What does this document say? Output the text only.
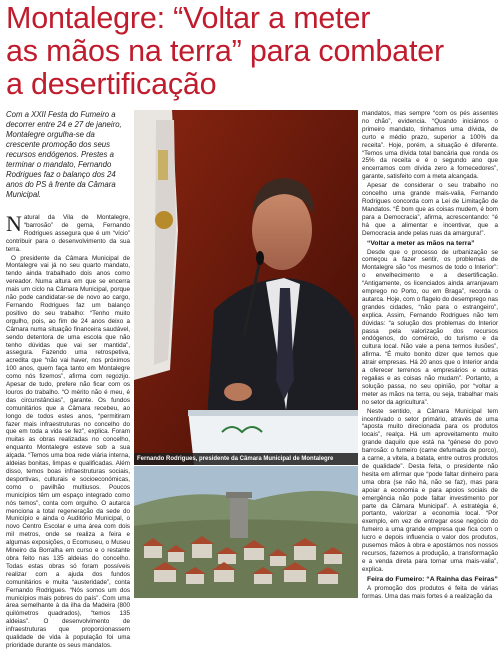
Montalegre: “Voltar a meter
as mãos na terra” para combater
a desertificação

Com a XXII Festa do Fumeiro a decorrer entre 24 e 27 de janeiro, Montalegre orgulha-se da crescente promoção dos seus recursos endógenos. Prestes a terminar o mandato, Fernando Rodrigues faz o balanço dos 24 anos do PS à frente da Câmara Municipal.

Natural da Vila de Montalegre, “barrosão” de gema, Fernando Rodrigues assegura que é um “vício” contribuir para o desenvolvimento da sua terra.

O presidente da Câmara Municipal de Montalegre vai já no seu quarto mandato, tendo ainda trabalhado dois anos como vereador. Numa altura em que se encerra mais um ciclo na Câmara Municipal, porque não pode candidatar-se de novo ao cargo, Fernando Rodrigues faz um balanço positivo do seu trabalho: “Tenho muito orgulho, pois, ao fim de 24 anos deixo a Câmara numa situação financeira saudável, sendo detentora de uma escola que não tenho dúvidas que vai ser mantida”, assegura. Fazendo uma retrospetiva, acredita que “não vai haver, nos próximos 100 anos, quem faça tanto em Montalegre como nós fizemos”, afirma com regozijo. Apesar de tudo, prefere não ficar com os louros do trabalho. “O mérito não é meu, é das circunstâncias”, garante. Os fundos comunitários que a Câmara recebeu, ao longo de todos estes anos, “permitiram fazer mais infraestruturas no concelho do que em toda a vida se fez”, explica. Foram muitas as obras realizadas no concelho, enquanto Montalegre esteve sob a sua alçada. “Temos uma boa rede viária interna, aldeias bonitas, limpas e qualificadas. Além disso, temos boas infraestruturas sociais, desportivas, culturais e socioeconómicas, como o pavilhão multiusos. Poucos municípios têm um espaço integrado como nós temos”, conta com orgulho. O autarca menciona a total regeneração da sede do Município e ainda o Auditório Municipal, o novo Centro Escolar e uma área com dois mil metros, onde se realiza a feira e algumas exposições, o Ecomuseu, o Museu Mineiro da Borralha em curso e o restante obra feito nas 135 aldeias do concelho. Todas estas obras só foram possíveis realizar com a ajuda dos fundos comunitários e muita “austeridade”, conta Fernando Rodrigues. “Nós somos um dos municípios mais pobres do país”. Com uma área semelhante à da ilha da Madeira (800 quilómetros quadrados), “temos 135 aldeias”. O desenvolvimento de infraestruturas que proporcionassem qualidade de vida à população foi uma prioridade durante os seus mandatos.

Fernando Rodrigues, presidente da Câmara Municipal de Montalegre

mandatos, mas sempre “com os pés assentes no chão”, evidencia. “Quando iniciámos o primeiro mandato, tínhamos uma dívida, de curto e médio prazo, superior a 100% da receita”. Hoje, porém, a situação é diferente. “Temos uma dívida total bancária que ronda os 25% da receita e é o segundo ano que encerramos com dívida zero a fornecedores”, garante, satisfeito com a meta alcançada.

Apesar de considerar o seu trabalho no concelho uma grande mais-valia, Fernando Rodrigues concorda com a Lei de Limitação de Mandatos. “É bom que as coisas mudem, é bom para a Democracia”, afirma, acrescentando: “é há que a alimentar e incentivar, que a Democracia ande pelas ruas da amargura!”.

“Voltar a meter as mãos na terra”

Desde que o processo de urbanização se começou a fazer sentir, os problemas de Montalegre são “os mesmos de todo o Interior”: o envelhecimento e a desertificação. “Antigamente, os licenciados ainda arranjavam emprego no Porto, ou em Braga”, recorda o autarca. Hoje, com o flagelo do desemprego nas grandes cidades, “não para o estrangeiro”, explica. Assim, Fernando Rodrigues não tem dúvidas: “a solução dos problemas do Interior passa pela valorização dos recursos endógenos, do comércio, do turismo e da cultura local. Não vale a pena termos ilusões”, afirma. “É muito bonito dizer que temos que atrair empresas. Há 20 anos que o Interior anda a oferecer terrenos a empresários e outras regalias e as coisas não mudam”. Portanto, a solução passa, no seu opinião, por “voltar a meter as mãos na terra, ou seja, trabalhar mais no setor da agricultura”.

Neste sentido, a Câmara Municipal tem incentivado o setor primário, através de uma “aposta muito direcionada para os produtos locais”, realça. Há um aproveitamento muito grande daquilo que está na “génese do povo barrosão: o fumeiro (carne defumada de porco), a carne, a vitela, a batata, entre outros produtos de qualidade”. Desta feita, o presidente não hesita em afirmar que “pode faltar dinheiro para uma obra (se não há, não se faz), mas para apoiar a economia e para apoios sociais de emergência não pode faltar investimento por parte da Câmara Municipal”. A estratégia é, portanto, valorizar a economia local. “Por exemplo, em vez de entregar esse negócio do fumeiro a uma grande empresa que fica com o lucro e depois influencia o valor dos produtos, pusemos mãos à obra e apostámos nos nossos recursos, fazemos a produção, a transformação e a venda direta para tornar uma mais-valia”, explica.

Feira do Fumeiro: “A Rainha das Feiras”

A promoção dos produtos é feita de várias formas. Uma das mais fortes é a realização da
